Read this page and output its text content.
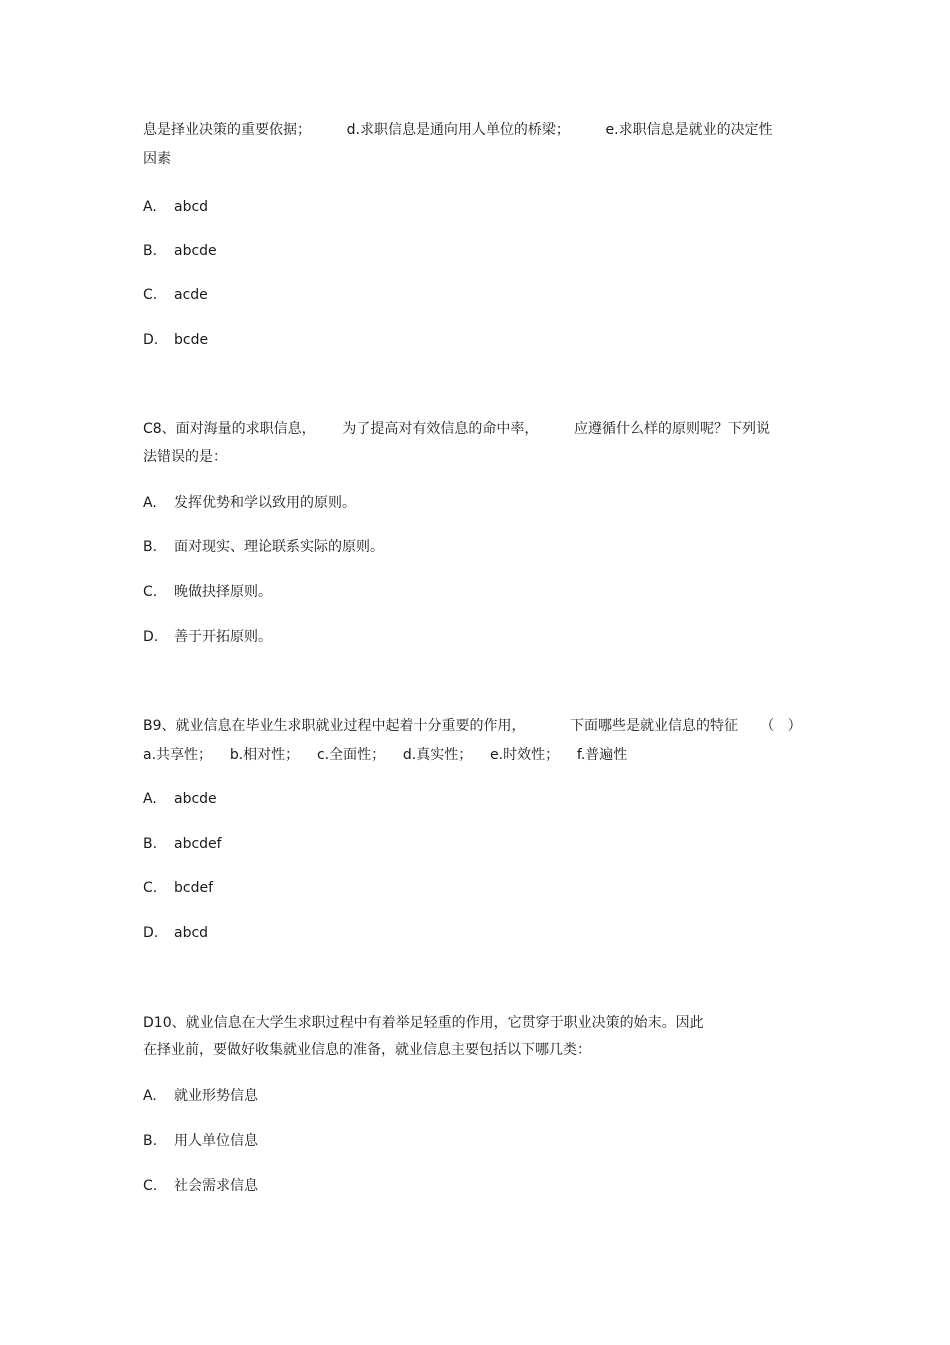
息是择业决策的重要依据；        d.求职信息是通向用人单位的桥梁；        e.求职信息是就业的决定性
因素
A. abcd
B. abcde
C. acde
D. bcde
C8、面对海量的求职信息，      为了提高对有效信息的命中率，        应遵循什么样的原则呢？下列说
法错误的是：
A. 发挥优势和学以致用的原则。
B. 面对现实、理论联系实际的原则。
C. 晚做抉择原则。
D. 善于开拓原则。
B9、就业信息在毕业生求职就业过程中起着十分重要的作用，          下面哪些是就业信息的特征     （   ）
a.共享性；    b.相对性；    c.全面性；    d.真实性；    e.时效性；    f.普遍性
A. abcde
B. abcdef
C. bcdef
D. abcd
D10、就业信息在大学生求职过程中有着举足轻重的作用，它贯穿于职业决策的始末。因此
在择业前，要做好收集就业信息的准备，就业信息主要包括以下哪几类：
A. 就业形势信息
B. 用人单位信息
C. 社会需求信息
